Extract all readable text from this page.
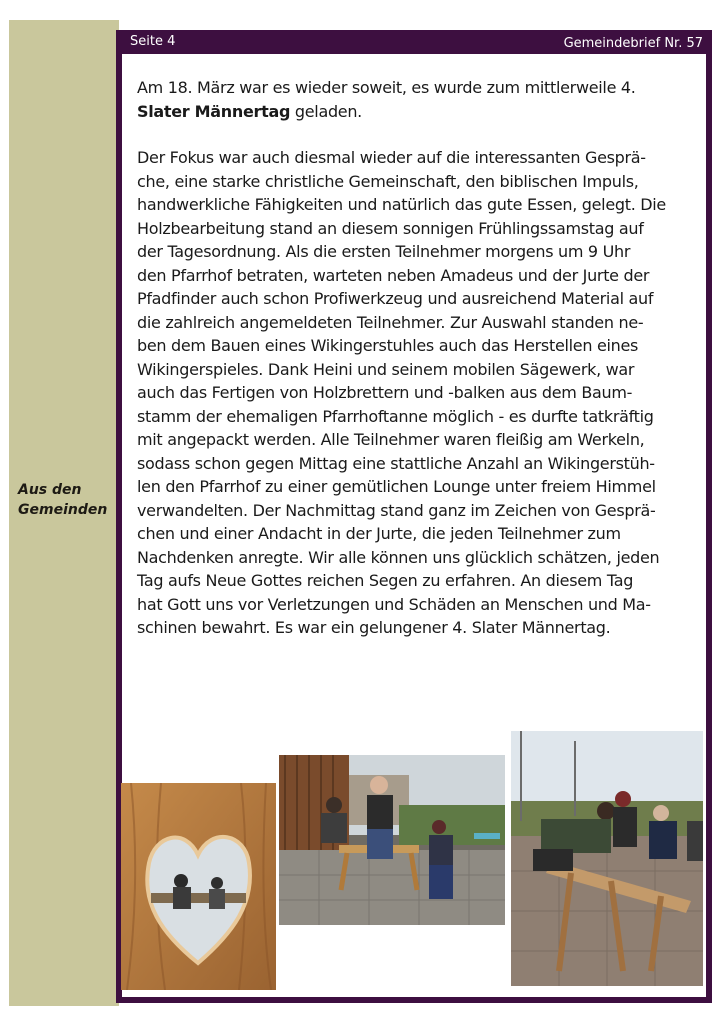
Aus den
Gemeinden
Seite 4	Gemeindebrief Nr. 57

Am 18. März war es wieder soweit, es wurde zum mittlerweile 4.
Slater Männertag geladen.

Der Fokus war auch diesmal wieder auf die interessanten Gesprä-
che, eine starke christliche Gemeinschaft, den biblischen Impuls,
handwerkliche Fähigkeiten und natürlich das gute Essen, gelegt. Die
Holzbearbeitung stand an diesem sonnigen Frühlingssamstag auf
der Tagesordnung. Als die ersten Teilnehmer morgens um 9 Uhr
den Pfarrhof betraten, warteten neben Amadeus und der Jurte der
Pfadfinder auch schon Profiwerkzeug und ausreichend Material auf
die zahlreich angemeldeten Teilnehmer. Zur Auswahl standen ne-
ben dem Bauen eines Wikingerstuhles auch das Herstellen eines
Wikingerspieles. Dank Heini und seinem mobilen Sägewerk, war
auch das Fertigen von Holzbrettern und -balken aus dem Baum-
stamm der ehemaligen Pfarrhoftanne möglich - es durfte tatkräftig
mit angepackt werden. Alle Teilnehmer waren fleißig am Werkeln,
sodass schon gegen Mittag eine stattliche Anzahl an Wikingerstüh-
len den Pfarrhof zu einer gemütlichen Lounge unter freiem Himmel
verwandelten. Der Nachmittag stand ganz im Zeichen von Gesprä-
chen und einer Andacht in der Jurte, die jeden Teilnehmer zum
Nachdenken anregte. Wir alle können uns glücklich schätzen, jeden
Tag aufs Neue Gottes reichen Segen zu erfahren. An diesem Tag
hat Gott uns vor Verletzungen und Schäden an Menschen und Ma-
schinen bewahrt. Es war ein gelungener 4. Slater Männertag.
